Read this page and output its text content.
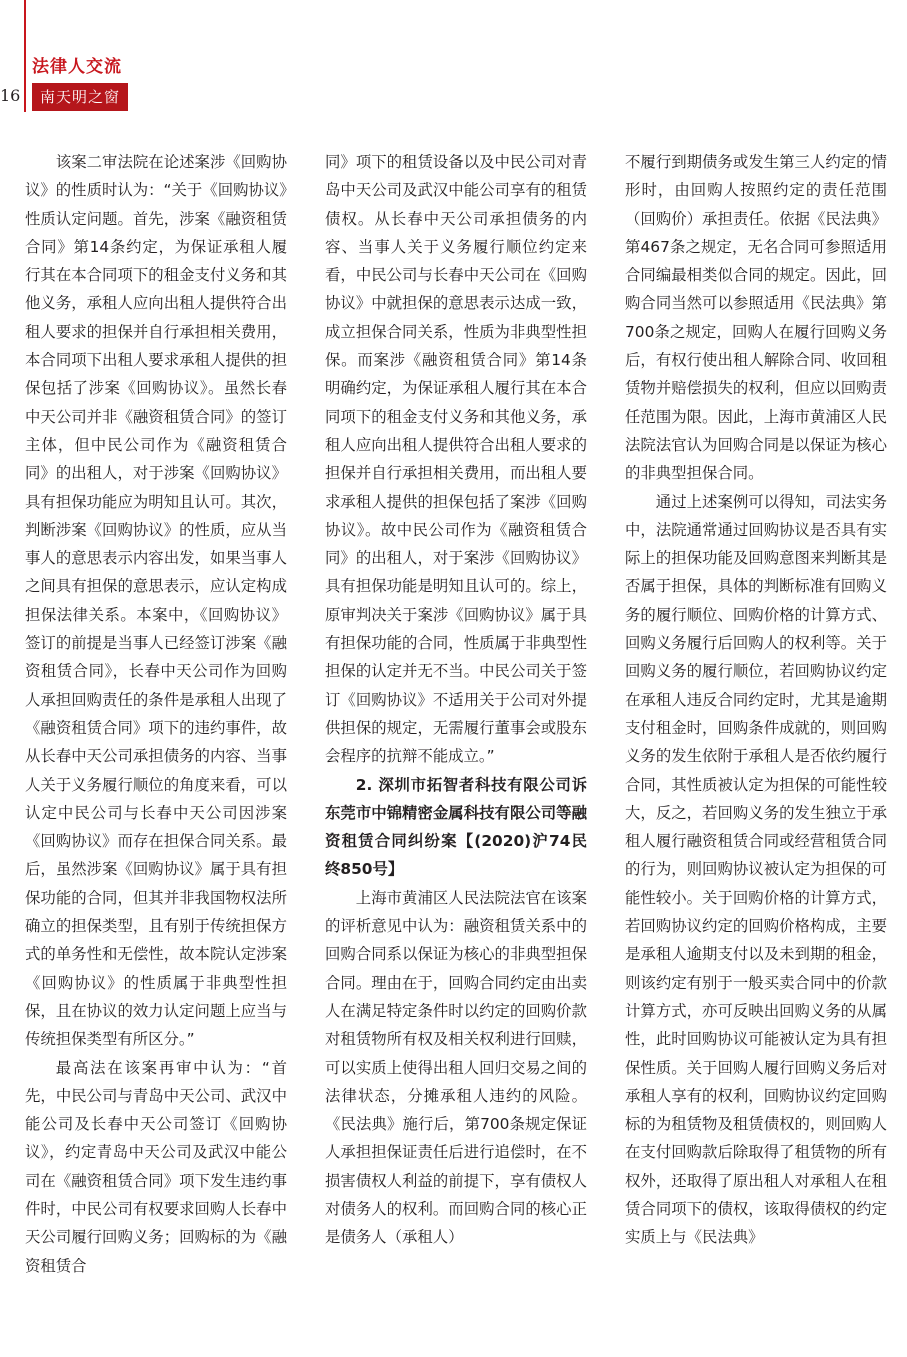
法律人交流
16	南天明之窗

该案二审法院在论述案涉《回购协议》的性质时认为：“关于《回购协议》性质认定问题。首先，涉案《融资租赁合同》第14条约定，为保证承租人履行其在本合同项下的租金支付义务和其他义务，承租人应向出租人提供符合出租人要求的担保并自行承担相关费用，本合同项下出租人要求承租人提供的担保包括了涉案《回购协议》。虽然长春中天公司并非《融资租赁合同》的签订主体，但中民公司作为《融资租赁合同》的出租人，对于涉案《回购协议》具有担保功能应为明知且认可。其次，判断涉案《回购协议》的性质，应从当事人的意思表示内容出发，如果当事人之间具有担保的意思表示，应认定构成担保法律关系。本案中，《回购协议》签订的前提是当事人已经签订涉案《融资租赁合同》，长春中天公司作为回购人承担回购责任的条件是承租人出现了《融资租赁合同》项下的违约事件，故从长春中天公司承担债务的内容、当事人关于义务履行顺位的角度来看，可以认定中民公司与长春中天公司因涉案《回购协议》而存在担保合同关系。最后，虽然涉案《回购协议》属于具有担保功能的合同，但其并非我国物权法所确立的担保类型，且有别于传统担保方式的单务性和无偿性，故本院认定涉案《回购协议》的性质属于非典型性担保，且在协议的效力认定问题上应当与传统担保类型有所区分。”

最高法在该案再审中认为：“首先，中民公司与青岛中天公司、武汉中能公司及长春中天公司签订《回购协议》，约定青岛中天公司及武汉中能公司在《融资租赁合同》项下发生违约事件时，中民公司有权要求回购人长春中天公司履行回购义务；回购标的为《融资租赁合

同》项下的租赁设备以及中民公司对青岛中天公司及武汉中能公司享有的租赁债权。从长春中天公司承担债务的内容、当事人关于义务履行顺位约定来看，中民公司与长春中天公司在《回购协议》中就担保的意思表示达成一致，成立担保合同关系，性质为非典型性担保。而案涉《融资租赁合同》第14条明确约定，为保证承租人履行其在本合同项下的租金支付义务和其他义务，承租人应向出租人提供符合出租人要求的担保并自行承担相关费用，而出租人要求承租人提供的担保包括了案涉《回购协议》。故中民公司作为《融资租赁合同》的出租人，对于案涉《回购协议》具有担保功能是明知且认可的。综上，原审判决关于案涉《回购协议》属于具有担保功能的合同，性质属于非典型性担保的认定并无不当。中民公司关于签订《回购协议》不适用关于公司对外提供担保的规定，无需履行董事会或股东会程序的抗辩不能成立。”

2. 深圳市拓智者科技有限公司诉东莞市中锦精密金属科技有限公司等融资租赁合同纠纷案【(2020)沪74民终850号】

上海市黄浦区人民法院法官在该案的评析意见中认为：融资租赁关系中的回购合同系以保证为核心的非典型担保合同。理由在于，回购合同约定由出卖人在满足特定条件时以约定的回购价款对租赁物所有权及相关权利进行回赎，可以实质上使得出租人回归交易之间的法律状态，分摊承租人违约的风险。《民法典》施行后，第700条规定保证人承担担保证责任后进行追偿时，在不损害债权人利益的前提下，享有债权人对债务人的权利。而回购合同的核心正是债务人（承租人）

不履行到期债务或发生第三人约定的情形时，由回购人按照约定的责任范围（回购价）承担责任。依据《民法典》第467条之规定，无名合同可参照适用合同编最相类似合同的规定。因此，回购合同当然可以参照适用《民法典》第700条之规定，回购人在履行回购义务后，有权行使出租人解除合同、收回租赁物并赔偿损失的权利，但应以回购责任范围为限。因此，上海市黄浦区人民法院法官认为回购合同是以保证为核心的非典型担保合同。

通过上述案例可以得知，司法实务中，法院通常通过回购协议是否具有实际上的担保功能及回购意图来判断其是否属于担保，具体的判断标准有回购义务的履行顺位、回购价格的计算方式、回购义务履行后回购人的权利等。关于回购义务的履行顺位，若回购协议约定在承租人违反合同约定时，尤其是逾期支付租金时，回购条件成就的，则回购义务的发生依附于承租人是否依约履行合同，其性质被认定为担保的可能性较大，反之，若回购义务的发生独立于承租人履行融资租赁合同或经营租赁合同的行为，则回购协议被认定为担保的可能性较小。关于回购价格的计算方式，若回购协议约定的回购价格构成，主要是承租人逾期支付以及未到期的租金，则该约定有别于一般买卖合同中的价款计算方式，亦可反映出回购义务的从属性，此时回购协议可能被认定为具有担保性质。关于回购人履行回购义务后对承租人享有的权利，回购协议约定回购标的为租赁物及租赁债权的，则回购人在支付回购款后除取得了租赁物的所有权外，还取得了原出租人对承租人在租赁合同项下的债权，该取得债权的约定实质上与《民法典》
